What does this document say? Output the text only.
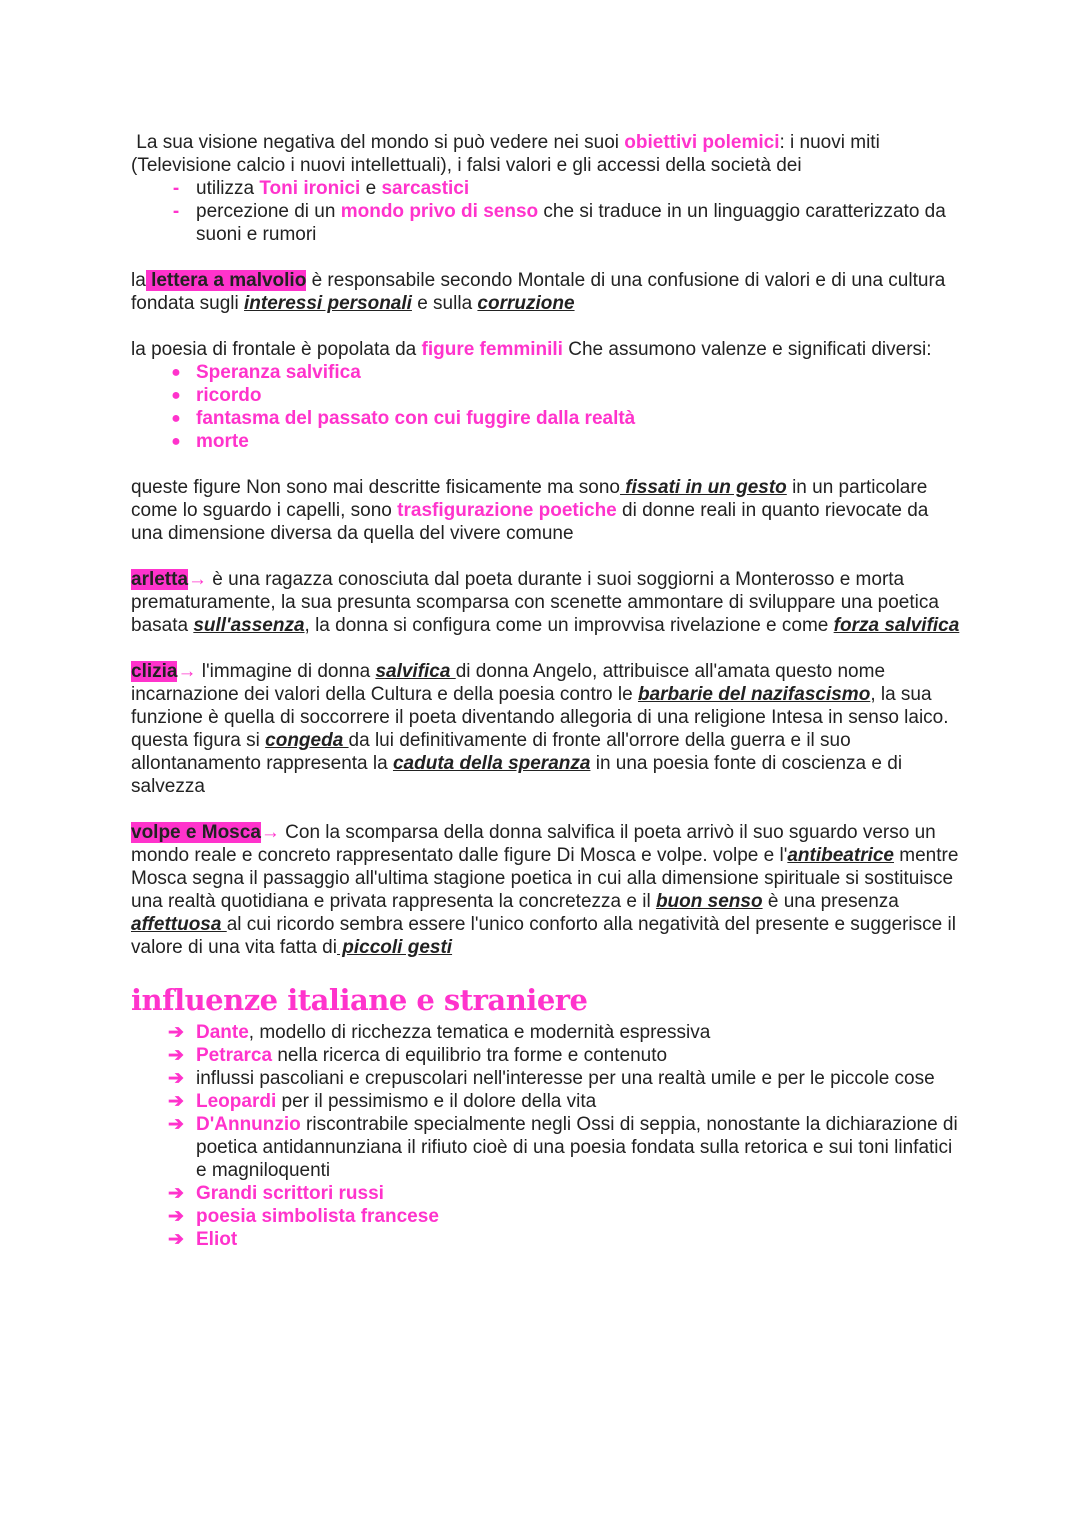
La sua visione negativa del mondo si può vedere nei suoi obiettivi polemici: i nuovi miti (Televisione calcio i nuovi intellettuali), i falsi valori e gli accessi della società dei

- utilizza Toni ironici e sarcastici
- percezione di un mondo privo di senso che si traduce in un linguaggio caratterizzato da suoni e rumori

la lettera a malvolio è responsabile secondo Montale di una confusione di valori e di una cultura fondata sugli interessi personali e sulla corruzione

la poesia di frontale è popolata da figure femminili Che assumono valenze e significati diversi:

● Speranza salvifica
● ricordo
● fantasma del passato con cui fuggire dalla realtà
● morte

queste figure Non sono mai descritte fisicamente ma sono fissati in un gesto in un particolare come lo sguardo i capelli, sono trasfigurazione poetiche di donne reali in quanto rievocate da una dimensione diversa da quella del vivere comune

arletta→ è una ragazza conosciuta dal poeta durante i suoi soggiorni a Monterosso e morta prematuramente, la sua presunta scomparsa con scenette ammontare di sviluppare una poetica basata sull'assenza, la donna si configura come un improvvisa rivelazione e come forza salvifica

clizia→ l'immagine di donna salvifica di donna Angelo, attribuisce all'amata questo nome incarnazione dei valori della Cultura e della poesia contro le barbarie del nazifascismo, la sua funzione è quella di soccorrere il poeta diventando allegoria di una religione Intesa in senso laico. questa figura si congeda da lui definitivamente di fronte all'orrore della guerra e il suo allontanamento rappresenta la caduta della speranza in una poesia fonte di coscienza e di salvezza

volpe e Mosca→ Con la scomparsa della donna salvifica il poeta arrivò il suo sguardo verso un mondo reale e concreto rappresentato dalle figure Di Mosca e volpe. volpe e l'antibeatrice mentre Mosca segna il passaggio all'ultima stagione poetica in cui alla dimensione spirituale si sostituisce una realtà quotidiana e privata rappresenta la concretezza e il buon senso è una presenza affettuosa al cui ricordo sembra essere l'unico conforto alla negatività del presente e suggerisce il valore di una vita fatta di piccoli gesti

influenze italiane e straniere
➔ Dante, modello di ricchezza tematica e modernità espressiva
➔ Petrarca nella ricerca di equilibrio tra forme e contenuto
➔ influssi pascoliani e crepuscolari nell'interesse per una realtà umile e per le piccole cose
➔ Leopardi per il pessimismo e il dolore della vita
➔ D'Annunzio riscontrabile specialmente negli Ossi di seppia, nonostante la dichiarazione di poetica antidannunziana il rifiuto cioè di una poesia fondata sulla retorica e sui toni linfatici e magniloquenti
➔ Grandi scrittori russi
➔ poesia simbolista francese
➔ Eliot
